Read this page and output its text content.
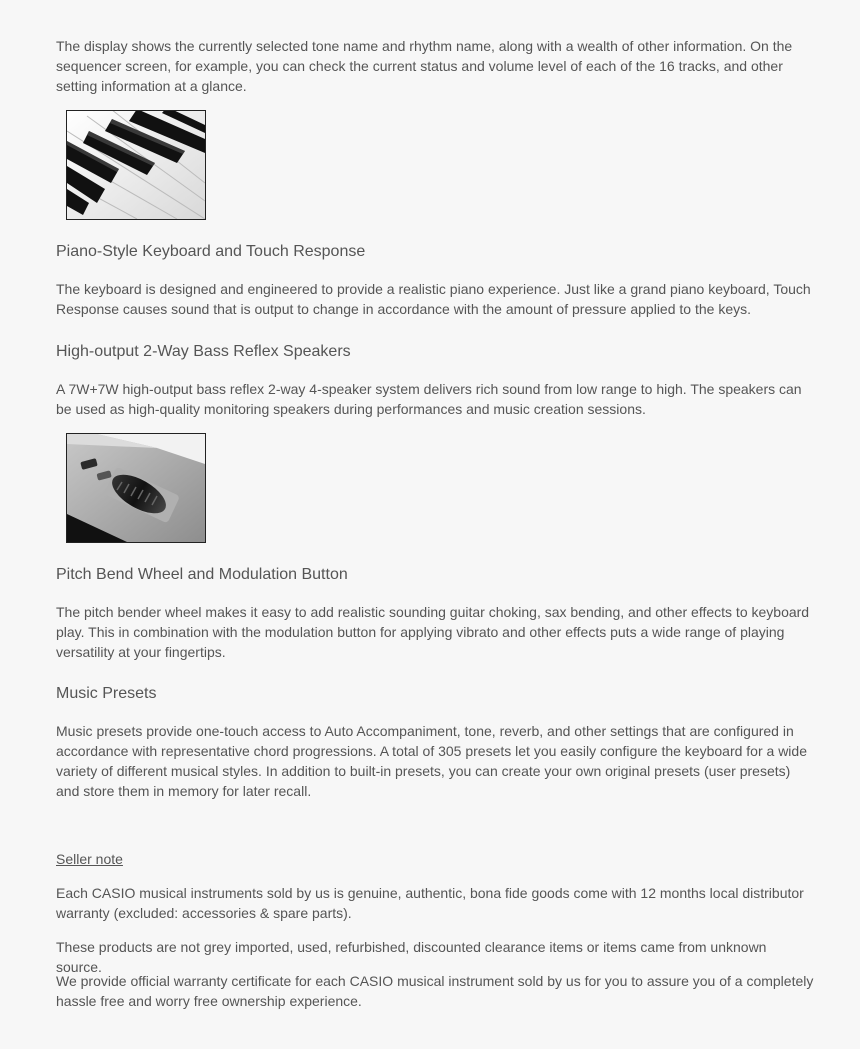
The display shows the currently selected tone name and rhythm name, along with a wealth of other information. On the sequencer screen, for example, you can check the current status and volume level of each of the 16 tracks, and other setting information at a glance.

Piano-Style Keyboard and Touch Response

The keyboard is designed and engineered to provide a realistic piano experience. Just like a grand piano keyboard, Touch Response causes sound that is output to change in accordance with the amount of pressure applied to the keys.

High-output 2-Way Bass Reflex Speakers

A 7W+7W high-output bass reflex 2-way 4-speaker system delivers rich sound from low range to high. The speakers can be used as high-quality monitoring speakers during performances and music creation sessions.

Pitch Bend Wheel and Modulation Button

The pitch bender wheel makes it easy to add realistic sounding guitar choking, sax bending, and other effects to keyboard play. This in combination with the modulation button for applying vibrato and other effects puts a wide range of playing versatility at your fingertips.

Music Presets

Music presets provide one-touch access to Auto Accompaniment, tone, reverb, and other settings that are configured in accordance with representative chord progressions. A total of 305 presets let you easily configure the keyboard for a wide variety of different musical styles. In addition to built-in presets, you can create your own original presets (user presets) and store them in memory for later recall.

Seller note

Each CASIO musical instruments sold by us is genuine, authentic, bona fide goods come with 12 months local distributor warranty (excluded: accessories & spare parts).

These products are not grey imported, used, refurbished, discounted clearance items or items came from unknown source.

We provide official warranty certificate for each CASIO musical instrument sold by us for you to assure you of a completely hassle free and worry free ownership experience.
